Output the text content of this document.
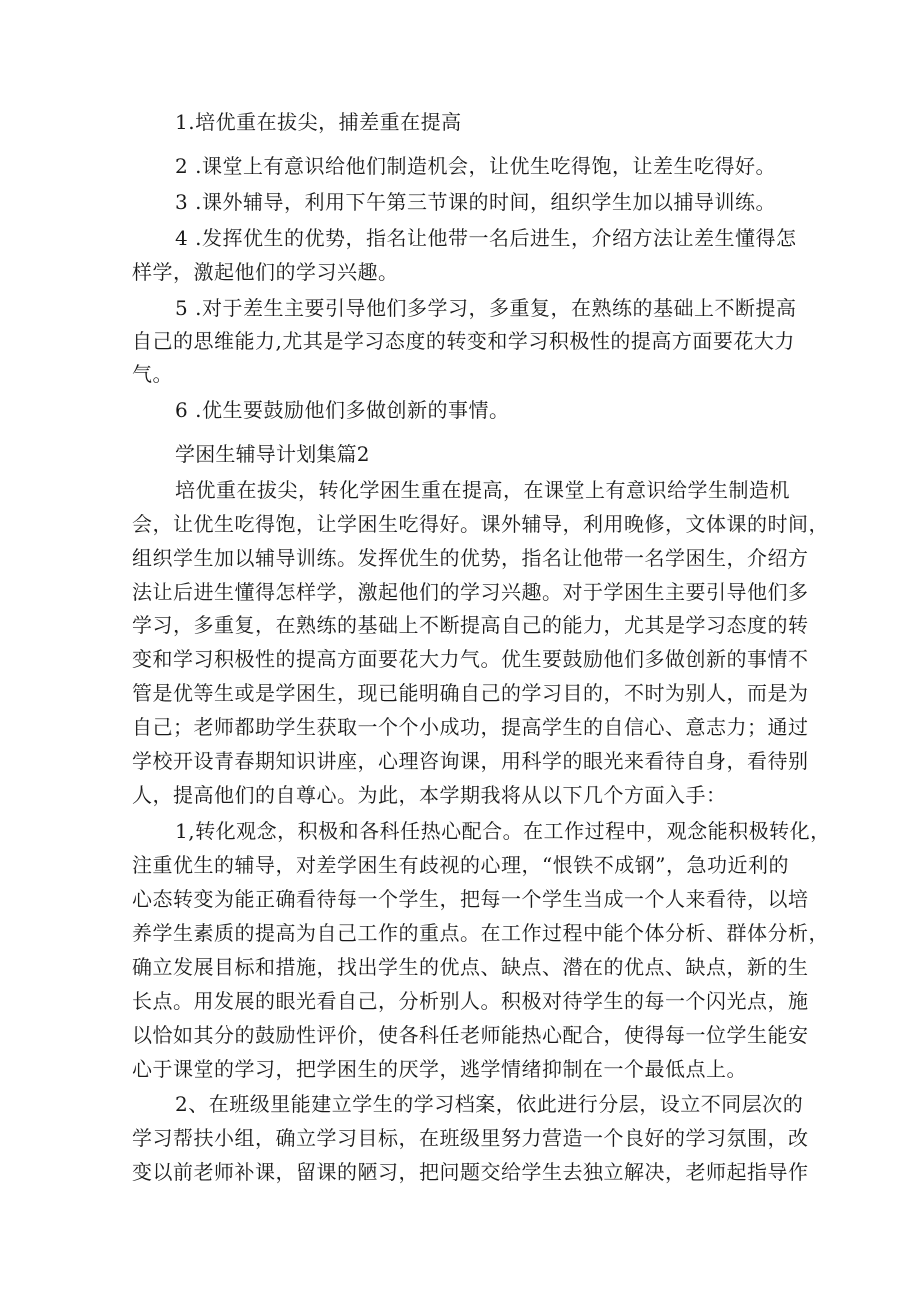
1.培优重在拔尖，捕差重在提高
2 .课堂上有意识给他们制造机会，让优生吃得饱，让差生吃得好。
3 .课外辅导，利用下午第三节课的时间，组织学生加以捕导训练。
4 .发挥优生的优势，指名让他带一名后进生，介绍方法让差生懂得怎
样学，激起他们的学习兴趣。
5 .对于差生主要引导他们多学习，多重复，在熟练的基础上不断提高
自己的思维能力,尤其是学习态度的转变和学习积极性的提高方面要花大力
气。
6 .优生要鼓励他们多做创新的事情。
学困生辅导计划集篇2
培优重在拔尖，转化学困生重在提高，在课堂上有意识给学生制造机
会，让优生吃得饱，让学困生吃得好。课外辅导，利用晚修，文体课的时间，
组织学生加以辅导训练。发挥优生的优势，指名让他带一名学困生，介绍方
法让后进生懂得怎样学，激起他们的学习兴趣。对于学困生主要引导他们多
学习，多重复，在熟练的基础上不断提高自己的能力，尤其是学习态度的转
变和学习积极性的提高方面要花大力气。优生要鼓励他们多做创新的事情不
管是优等生或是学困生，现已能明确自己的学习目的，不时为别人，而是为
自己；老师都助学生获取一个个小成功，提高学生的自信心、意志力；通过
学校开设青春期知识讲座，心理咨询课，用科学的眼光来看待自身，看待别
人，提高他们的自尊心。为此，本学期我将从以下几个方面入手：
1,转化观念，积极和各科任热心配合。在工作过程中，观念能积极转化，
注重优生的辅导，对差学困生有歧视的心理，“恨铁不成钢”，急功近利的
心态转变为能正确看待每一个学生，把每一个学生当成一个人来看待，以培
养学生素质的提高为自己工作的重点。在工作过程中能个体分析、群体分析，
确立发展目标和措施，找出学生的优点、缺点、潜在的优点、缺点，新的生
长点。用发展的眼光看自己，分析别人。积极对待学生的每一个闪光点，施
以恰如其分的鼓励性评价，使各科任老师能热心配合，使得每一位学生能安
心于课堂的学习，把学困生的厌学，逃学情绪抑制在一个最低点上。
2、在班级里能建立学生的学习档案，依此进行分层，设立不同层次的
学习帮扶小组，确立学习目标，在班级里努力营造一个良好的学习氛围，改
变以前老师补课，留课的陋习，把问题交给学生去独立解决，老师起指导作
